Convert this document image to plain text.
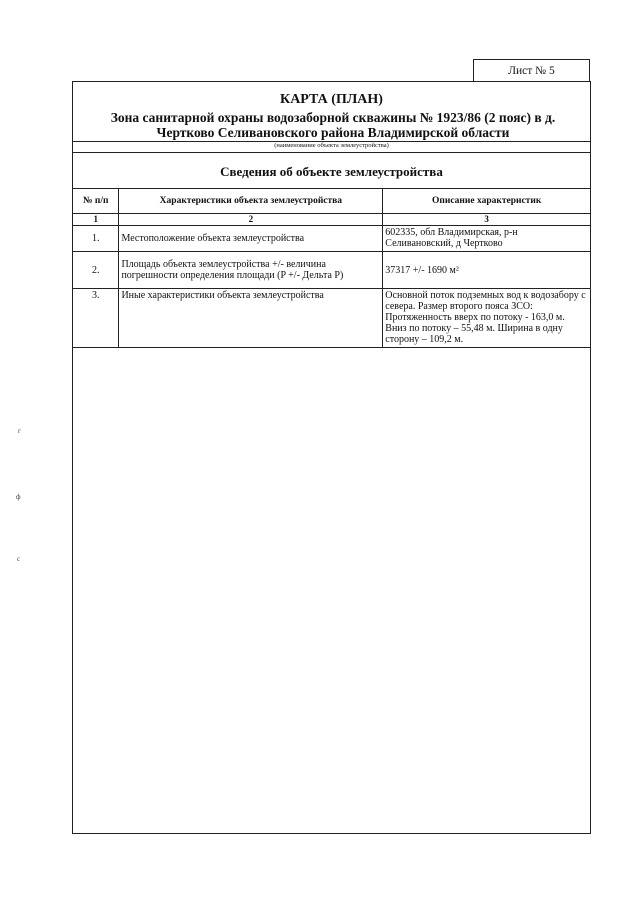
Лист № 5
КАРТА (ПЛАН)
Зона санитарной охраны водозаборной скважины № 1923/86 (2 пояс) в д. Чертково Селивановского района Владимирской области
(наименование объекта землеустройства)
Сведения об объекте землеустройства
№ п/п	Характеристики объекта землеустройства	Описание характеристик
1	2	3
1.	Местоположение объекта землеустройства	602335, обл Владимирская, р-н Селивановский, д Чертково
2.	Площадь объекта землеустройства +/- величина погрешности определения площади (P +/- Дельта P)	37317 +/- 1690 м²
3.	Иные характеристики объекта землеустройства	Основной поток подземных вод к водозабору с севера. Размер второго пояса ЗСО: Протяженность вверх по потоку - 163,0 м. Вниз по потоку – 55,48 м. Ширина в одну сторону – 109,2 м.
г
ф
с
